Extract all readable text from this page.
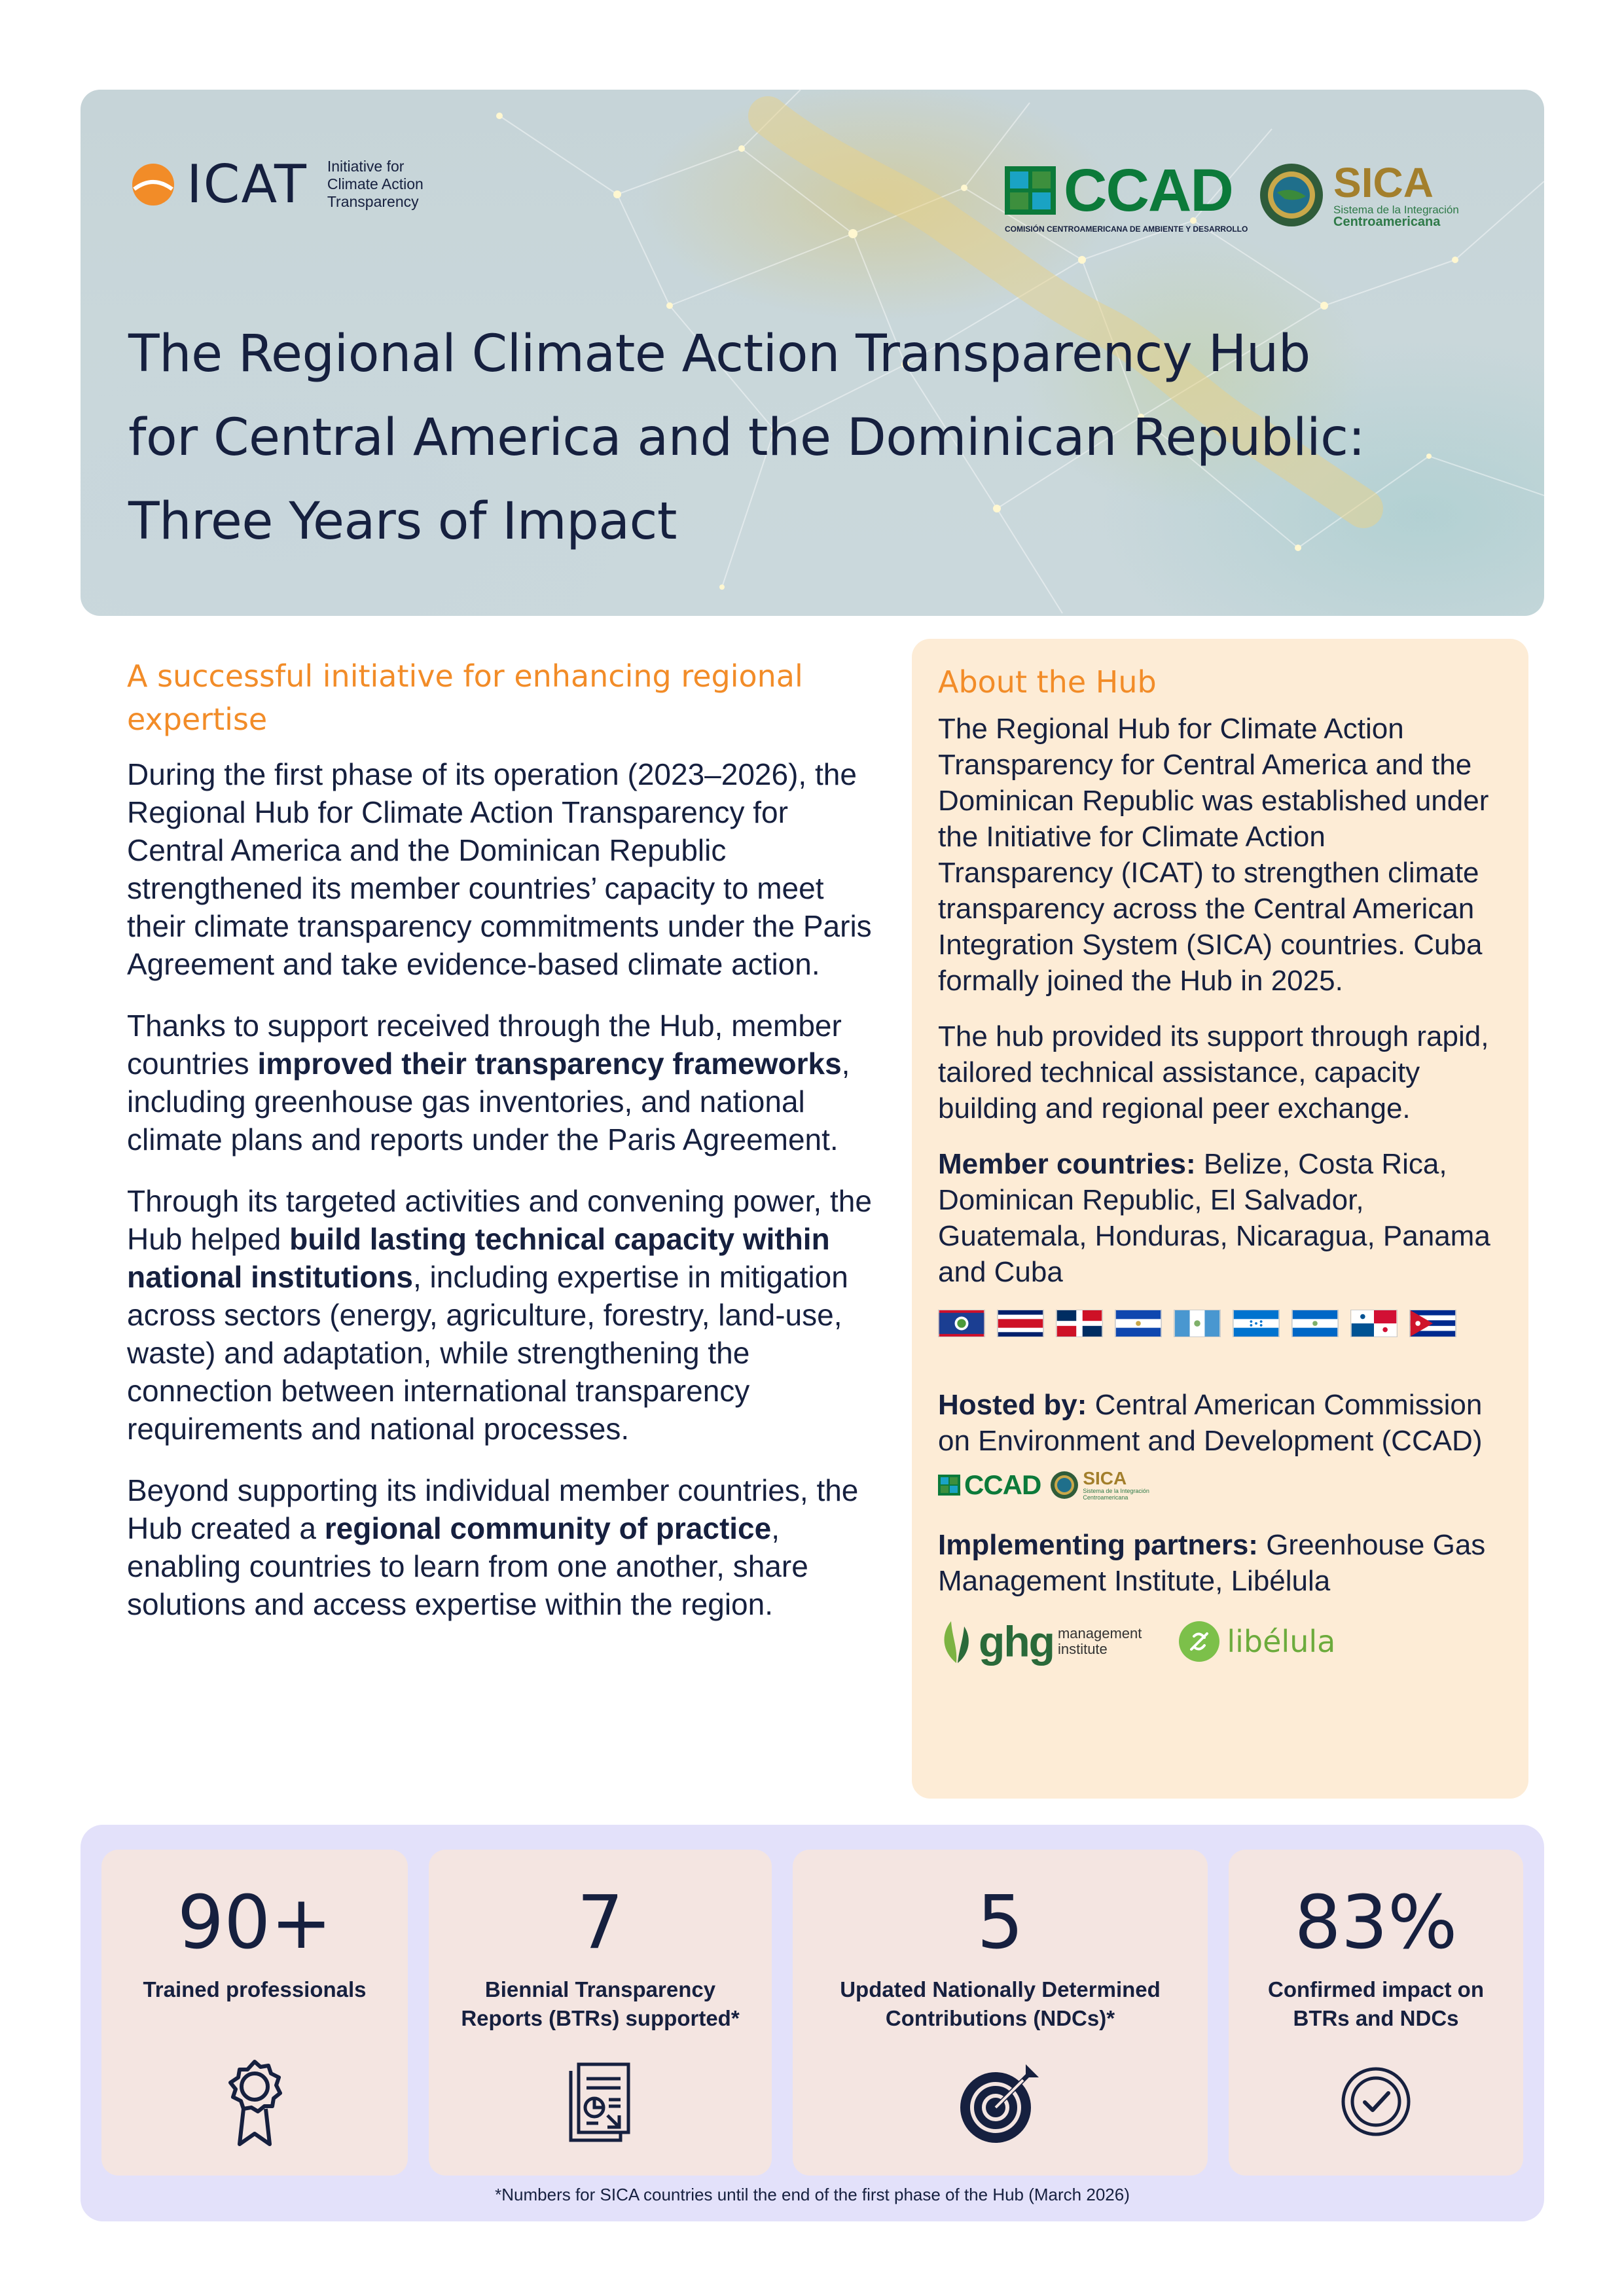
ICAT Initiative for Climate Action Transparency	CCAD
COMISIÓN CENTROAMERICANA DE AMBIENTE Y DESARROLLO
SICA
Sistema de la Integración
Centroamericana
The Regional Climate Action Transparency Hub for Central America and the Dominican Republic: Three Years of Impact
A successful initiative for enhancing regional expertise

During the first phase of its operation (2023–2026), the Regional Hub for Climate Action Transparency for Central America and the Dominican Republic strengthened its member countries’ capacity to meet their climate transparency commitments under the Paris Agreement and take evidence-based climate action.

Thanks to support received through the Hub, member countries improved their transparency frameworks, including greenhouse gas inventories, and national climate plans and reports under the Paris Agreement.

Through its targeted activities and convening power, the Hub helped build lasting technical capacity within national institutions, including expertise in mitigation across sectors (energy, agriculture, forestry, land-use, waste) and adaptation, while strengthening the connection between international transparency requirements and national processes.

Beyond supporting its individual member countries, the Hub created a regional community of practice, enabling countries to learn from one another, share solutions and access expertise within the region.

About the Hub

The Regional Hub for Climate Action Transparency for Central America and the Dominican Republic was established under the Initiative for Climate Action Transparency (ICAT) to strengthen climate transparency across the Central American Integration System (SICA) countries. Cuba formally joined the Hub in 2025.

The hub provided its support through rapid, tailored technical assistance, capacity building and regional peer exchange.

Member countries: Belize, Costa Rica, Dominican Republic, El Salvador, Guatemala, Honduras, Nicaragua, Panama and Cuba

Hosted by: Central American Commission on Environment and Development (CCAD)

CCAD SICA
Sistema de la Integración
Centroamericana

Implementing partners: Greenhouse Gas Management Institute, Libélula

ghg management
institute	libélula
90+
Trained professionals
7
Biennial Transparency Reports (BTRs) supported*
5
Updated Nationally Determined Contributions (NDCs)*
83%
Confirmed impact on BTRs and NDCs
*Numbers for SICA countries until the end of the first phase of the Hub (March 2026)
